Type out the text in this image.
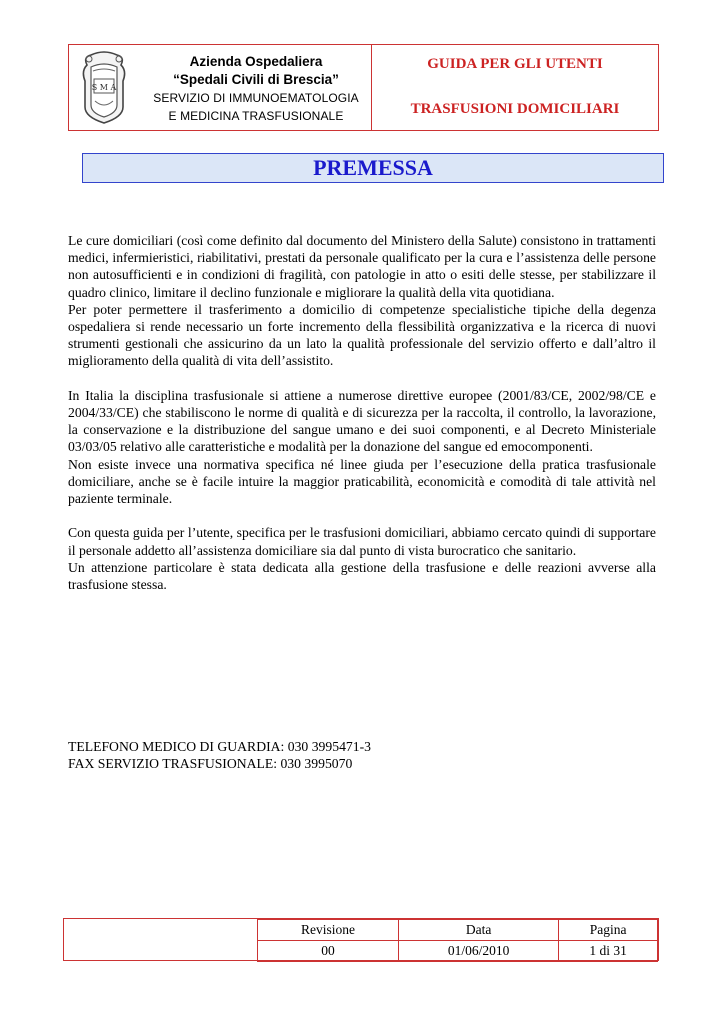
S M A
Azienda Ospedaliera
“Spedali Civili di Brescia”
SERVIZIO DI IMMUNOEMATOLOGIA
E MEDICINA TRASFUSIONALE
GUIDA PER GLI UTENTI
TRASFUSIONI DOMICILIARI
PREMESSA

Le cure domiciliari (così come definito dal documento del Ministero della Salute) consistono in trattamenti medici, infermieristici, riabilitativi, prestati da personale qualificato per la cura e l’assistenza delle persone non autosufficienti e in condizioni di fragilità, con patologie in atto o esiti delle stesse, per stabilizzare il quadro clinico, limitare il declino funzionale e migliorare la qualità della vita quotidiana.

Per poter permettere il trasferimento a domicilio di competenze specialistiche tipiche della degenza ospedaliera si rende necessario un forte incremento della flessibilità organizzativa e la ricerca di nuovi strumenti gestionali che assicurino da un lato la qualità professionale del servizio offerto e dall’altro il miglioramento della qualità di vita dell’assistito.

In Italia la disciplina trasfusionale si attiene a numerose direttive europee (2001/83/CE, 2002/98/CE e 2004/33/CE) che stabiliscono le norme di qualità e di sicurezza per la raccolta, il controllo, la lavorazione, la conservazione e la distribuzione del sangue umano e dei suoi componenti, e al Decreto Ministeriale 03/03/05 relativo alle caratteristiche e modalità per la donazione del sangue ed emocomponenti.

Non esiste invece una normativa specifica né linee giuda per l’esecuzione della pratica trasfusionale domiciliare, anche se è facile intuire la maggior praticabilità, economicità e comodità di tale attività nel paziente terminale.

Con questa guida per l’utente, specifica per le trasfusioni domiciliari, abbiamo cercato quindi di supportare il personale addetto all’assistenza domiciliare sia dal punto di vista burocratico che sanitario.

Un attenzione particolare è stata dedicata alla gestione della trasfusione e delle reazioni avverse alla trasfusione stessa.

TELEFONO MEDICO DI GUARDIA: 030 3995471-3
FAX SERVIZIO TRASFUSIONALE: 030 3995070
	Revisione	Data	Pagina
	00	01/06/2010	1 di 31
